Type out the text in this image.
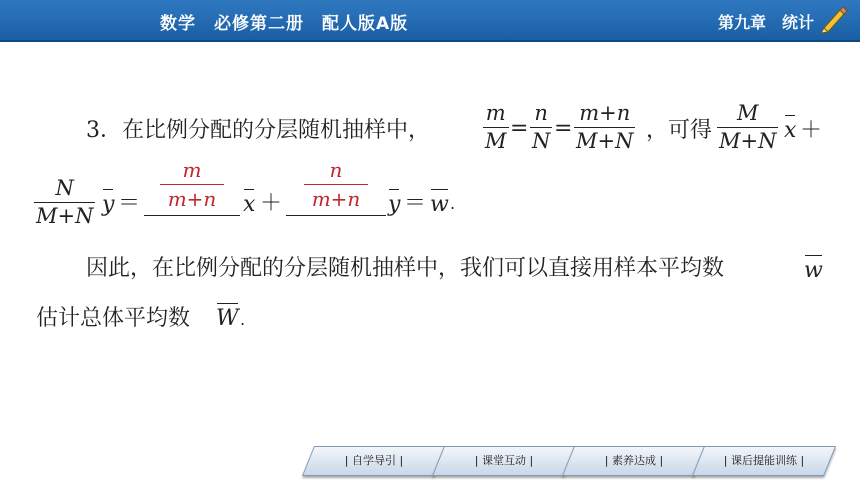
数学　必修第二册　配人版A版	第九章　统计
3．在比例分配的分层随机抽样中，
m
M =
n
N =
m+n
M+N ，可得
M
M+N x ＋
N
M+N y ＝
m
m+n	x ＋
n
m+n	y ＝ w .
因此，在比例分配的分层随机抽样中，我们可以直接用样本平均数	w
估计总体平均数 W .
| 自学导引 |	| 课堂互动 |	| 素养达成 |	| 课后提能训练 |
